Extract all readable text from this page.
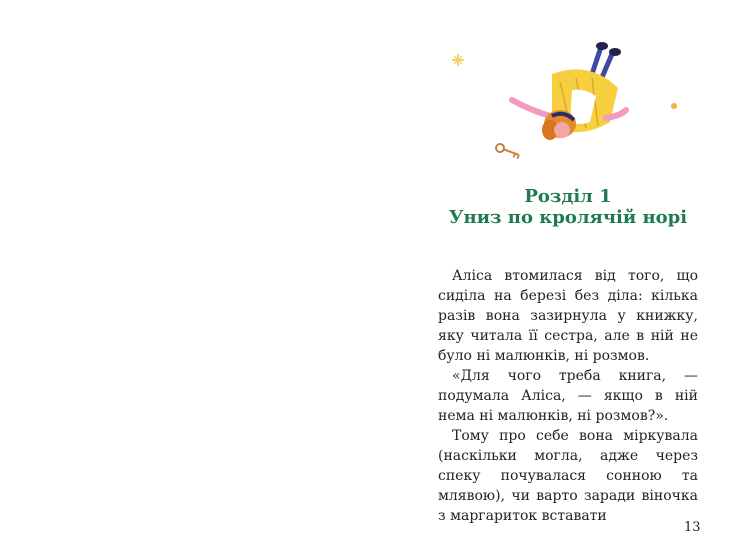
Розділ 1
Униз по кролячій норі

Аліса втомилася від того, що сиділа на березі без діла: кілька разів вона зазирнула у книжку, яку читала її сестра, але в ній не було ні малюнків, ні розмов.

«Для чого треба книга, — подумала Аліса, — якщо в ній нема ні малюнків, ні розмов?».

Тому про себе вона міркувала (наскільки могла, адже через спеку почувалася сонною та млявою), чи варто заради віночка з маргариток вставати

13
